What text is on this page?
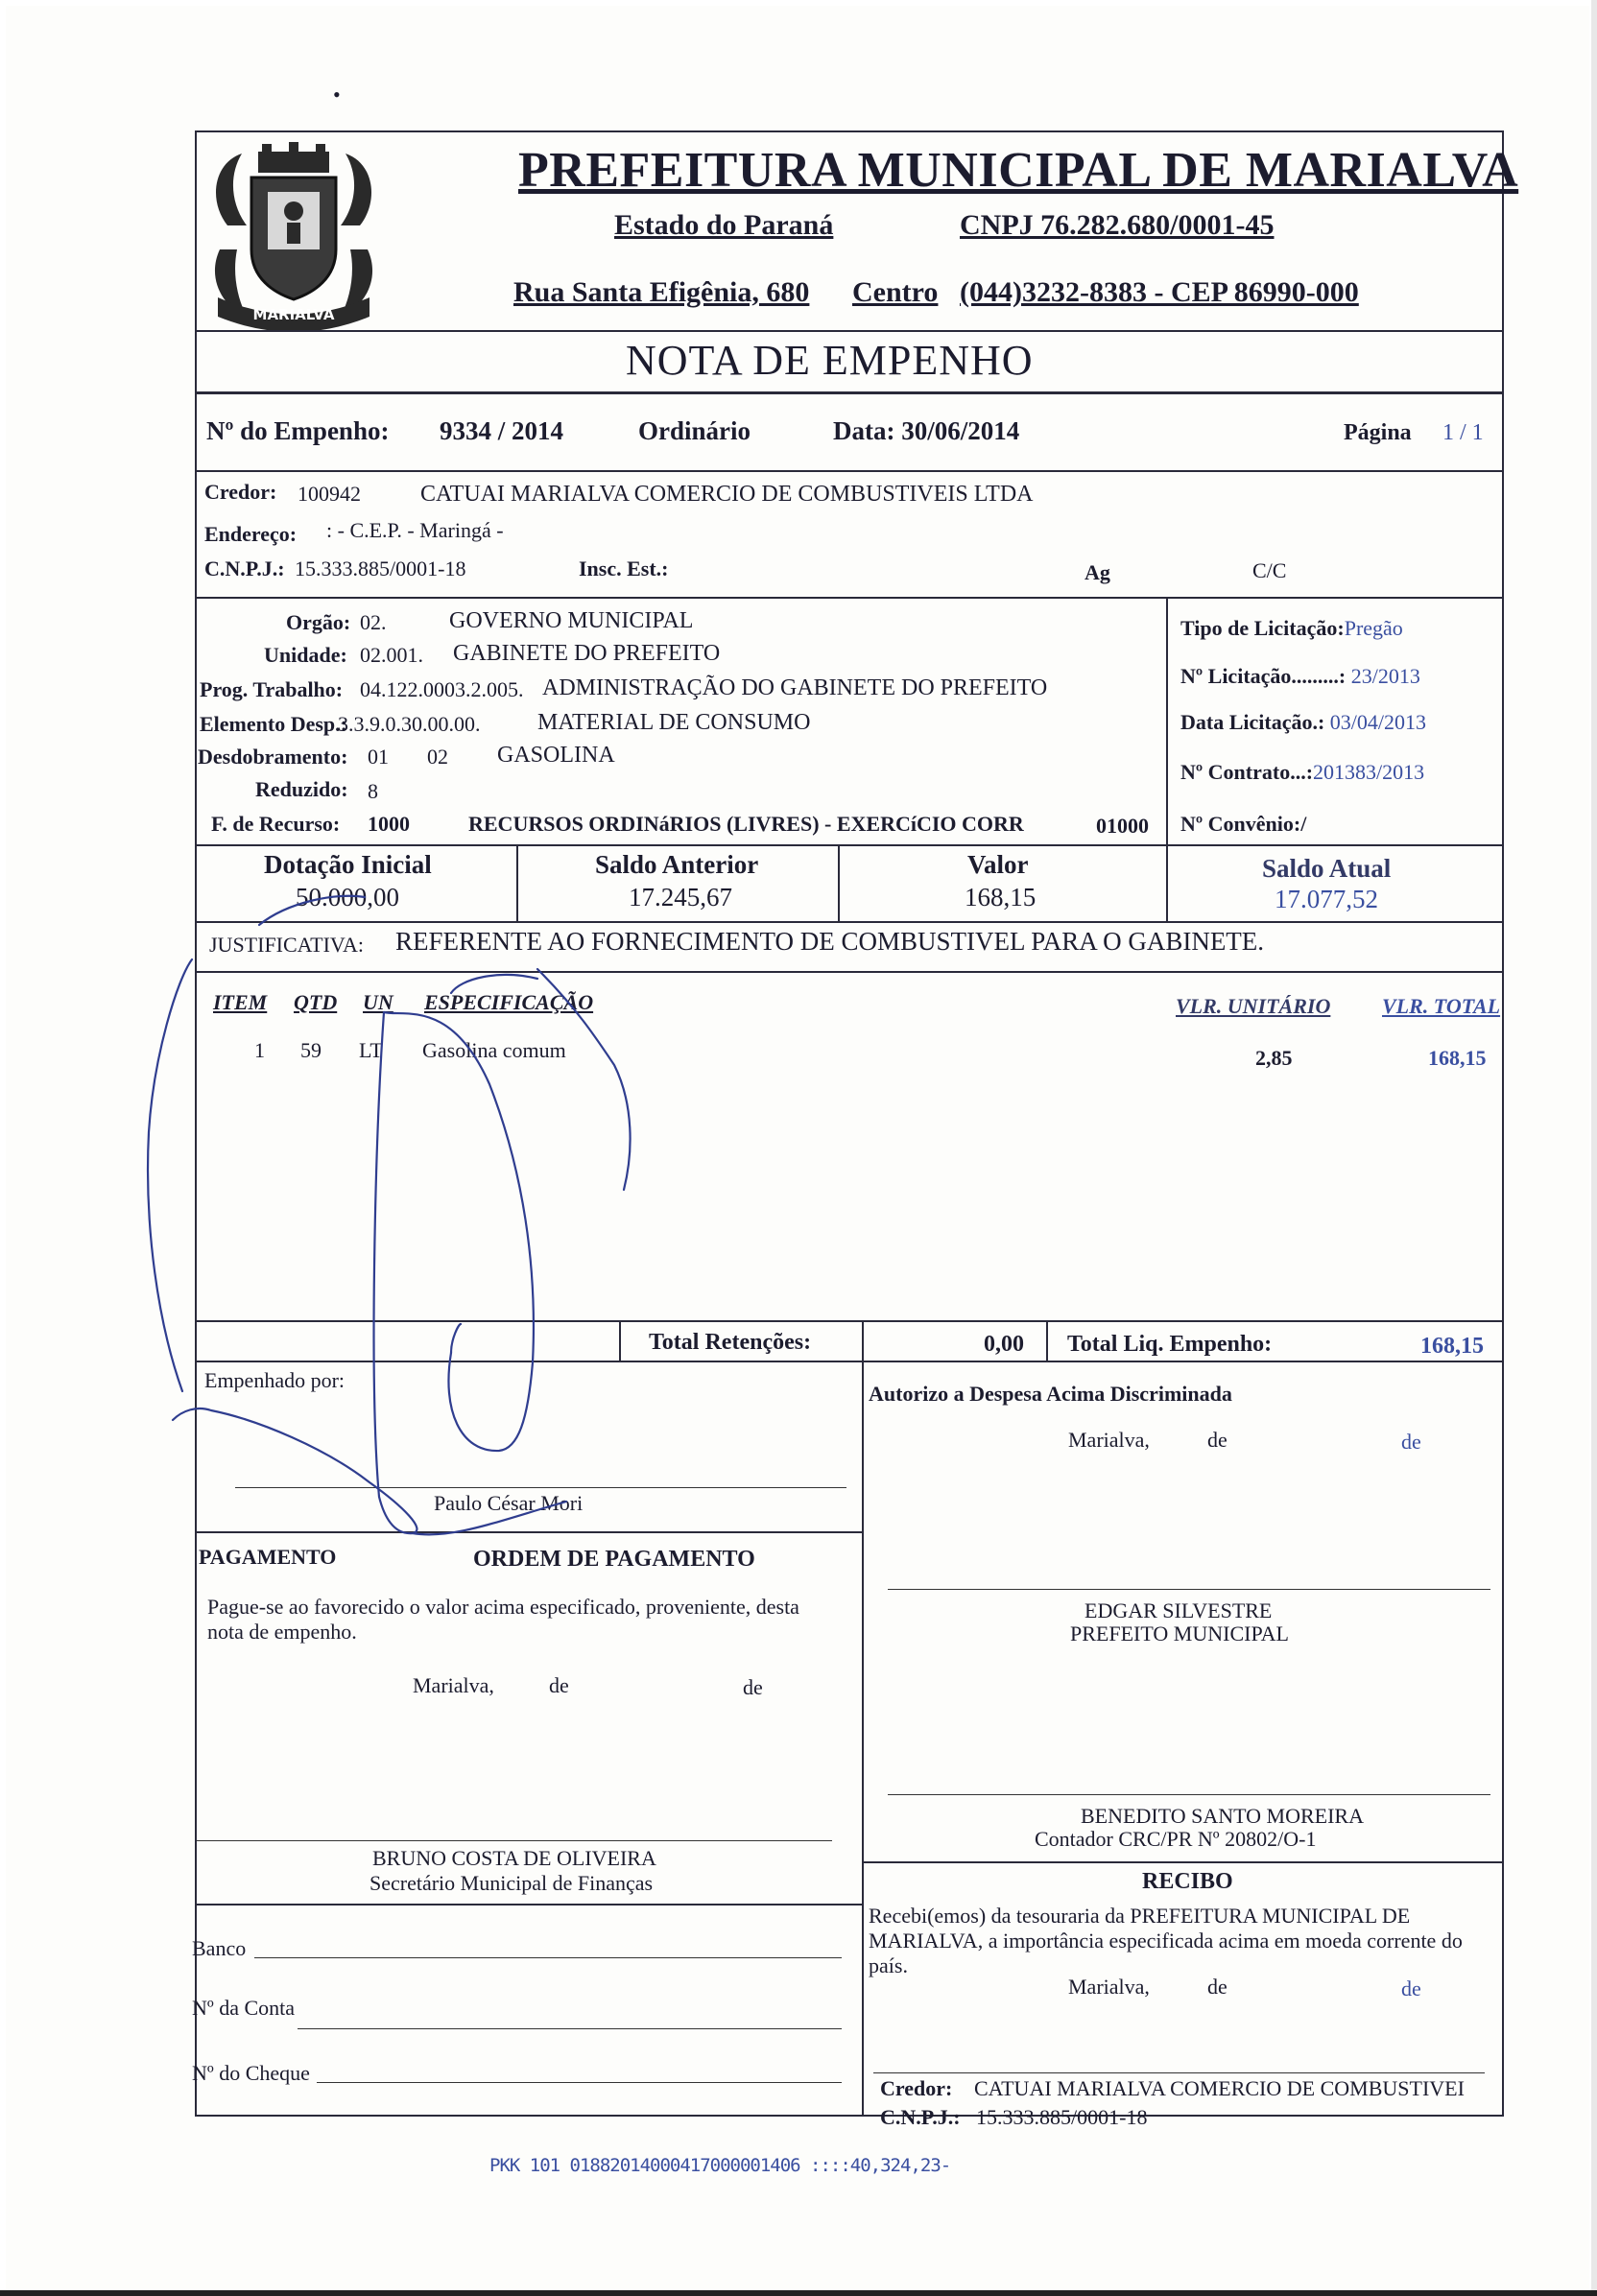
•
MARIALVA
PREFEITURA MUNICIPAL DE MARIALVA
Estado do Paraná	CNPJ 76.282.680/0001-45
Rua Santa Efigênia, 680 Centro (044)3232-8383 - CEP 86990-000
NOTA DE EMPENHO
Nº do Empenho: 9334 / 2014	Ordinário	Data: 30/06/2014	Página 1 / 1
Credor: 100942	CATUAI MARIALVA COMERCIO DE COMBUSTIVEIS LTDA
Endereço: : - C.E.P. - Maringá -
C.N.P.J.: 15.333.885/0001-18	Insc. Est.:	Ag	C/C
Orgão: 02.	GOVERNO MUNICIPAL
Unidade: 02.001. GABINETE DO PREFEITO
Prog. Trabalho: 04.122.0003.2.005. ADMINISTRAÇÃO DO GABINETE DO PREFEITO
Elemento Desp.:
3.3.9.0.30.00.00. MATERIAL DE CONSUMO
Desdobramento: 01 02 GASOLINA
Reduzido: 8
F. de Recurso: 1000	RECURSOS ORDINáRIOS (LIVRES) - EXERCíCIO CORR	01000
Tipo de Licitação:Pregão
Nº Licitação.........: 23/2013
Data Licitação.: 03/04/2013
Nº Contrato...:201383/2013
Nº Convênio:/
Dotação Inicial
50.000,00
Saldo Anterior
17.245,67
Valor
168,15
Saldo Atual
17.077,52
JUSTIFICATIVA: REFERENTE AO FORNECIMENTO DE COMBUSTIVEL PARA O GABINETE.
ITEM QTD UN ESPECIFICAÇÃO	VLR. UNITÁRIO VLR. TOTAL
1 59 LT Gasolina comum	2,85	168,15
Total Retenções:	0,00 Total Liq. Empenho:	168,15
Empenhado por:
Paulo César Mori
Autorizo a Despesa Acima Discriminada
Marialva,	de	de
EDGAR SILVESTRE
PREFEITO MUNICIPAL
PAGAMENTO	ORDEM DE PAGAMENTO
Pague-se ao favorecido o valor acima especificado, proveniente, desta
nota de empenho.
Marialva,	de	de
BRUNO COSTA DE OLIVEIRA
Secretário Municipal de Finanças
BENEDITO SANTO MOREIRA
Contador CRC/PR Nº 20802/O-1
RECIBO
Recebi(emos) da tesouraria da PREFEITURA MUNICIPAL DE
MARIALVA, a importância especificada acima em moeda corrente do
país.
Marialva,	de	de
Credor: CATUAI MARIALVA COMERCIO DE COMBUSTIVEI
C.N.P.J.: 15.333.885/0001-18
Banco
Nº da Conta
Nº do Cheque
PKK 101 01882014000417000001406 ::::40,324,23-
